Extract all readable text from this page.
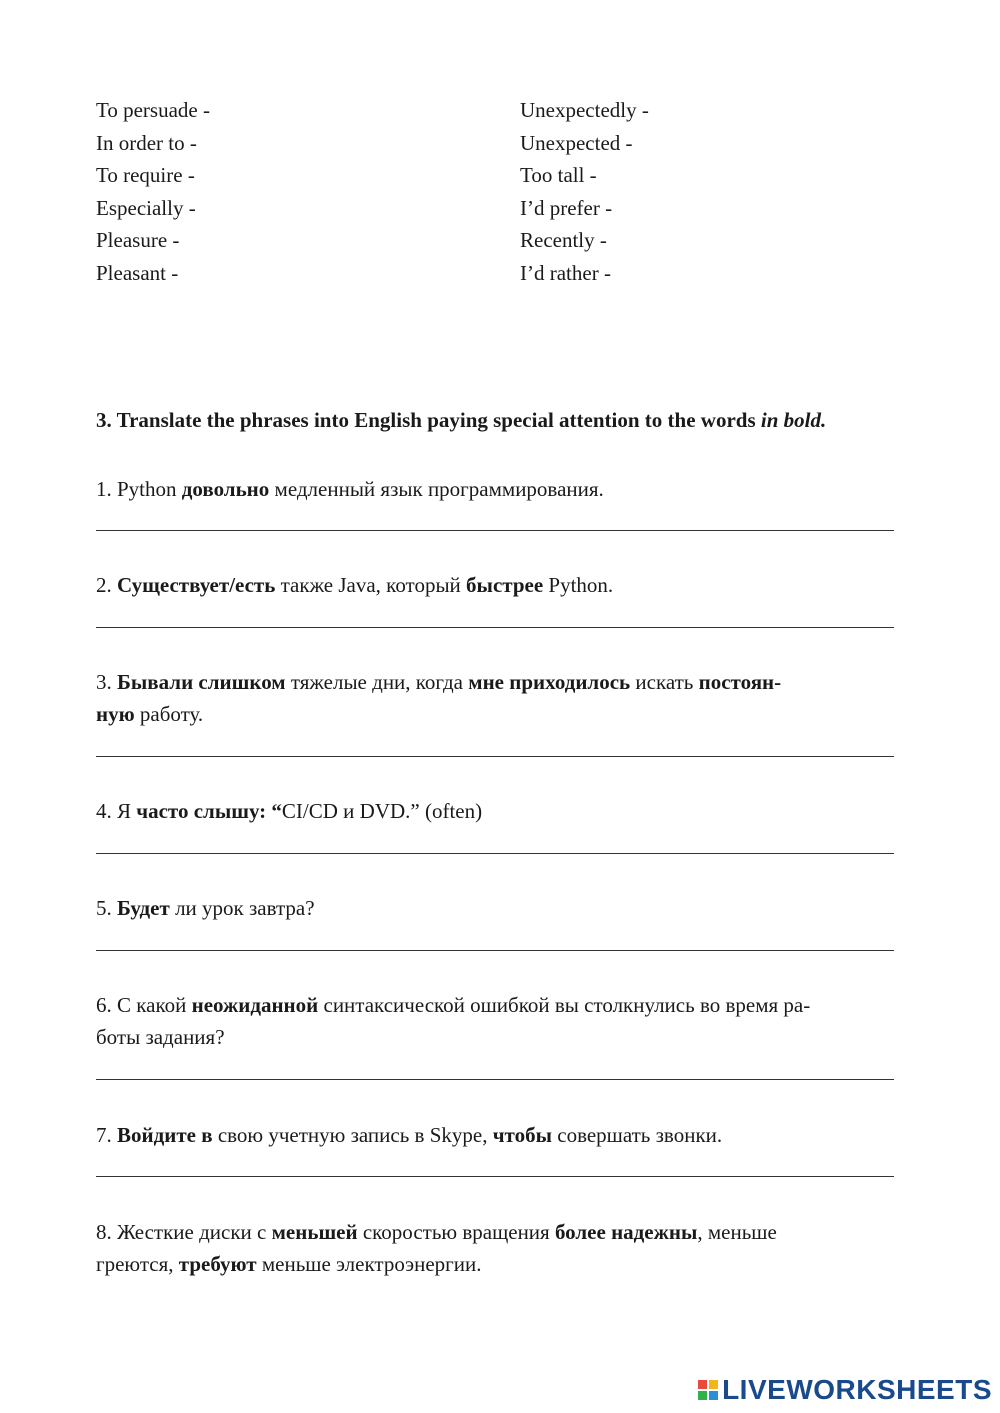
To persuade -
In order to -
To require -
Especially -
Pleasure -
Pleasant -
Unexpectedly -
Unexpected -
Too tall -
I’d prefer -
Recently -
I’d rather -
3. Translate the phrases into English paying special attention to the words in bold.
1. Python довольно медленный язык программирования.
2. Существует/есть также Java, который быстрее Python.
3. Бывали слишком тяжелые дни, когда мне приходилось искать постоян-
ную работу.
4. Я часто слышу: “CI/CD и DVD.” (often)
5. Будет ли урок завтра?
6. С какой неожиданной синтаксической ошибкой вы столкнулись во время ра-
боты задания?
7. Войдите в свою учетную запись в Skype, чтобы совершать звонки.
8. Жесткие диски с меньшей скоростью вращения более надежны, меньше
греются, требуют меньше электроэнергии.
LIVEWORKSHEETS
